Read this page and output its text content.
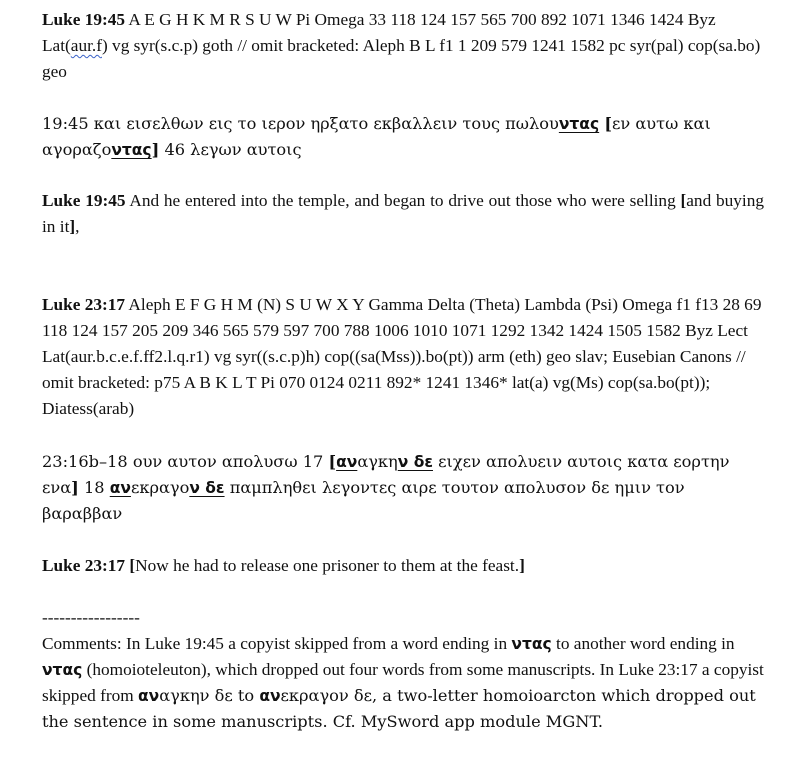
Luke 19:45 A E G H K M R S U W Pi Omega 33 118 124 157 565 700 892 1071 1346 1424 Byz Lat(aur.f) vg syr(s.c.p) goth // omit bracketed: Aleph B L f1 1 209 579 1241 1582 pc syr(pal) cop(sa.bo) geo

19:45 και εισελθων εις το ιερον ηρξατο εκβαλλειν τους πωλουντας [εν αυτω και αγοραζοντας] 46 λεγων αυτοις

Luke 19:45 And he entered into the temple, and began to drive out those who were selling [and buying in it],

Luke 23:17 Aleph E F G H M (N) S U W X Y Gamma Delta (Theta) Lambda (Psi) Omega f1 f13 28 69 118 124 157 205 209 346 565 579 597 700 788 1006 1010 1071 1292 1342 1424 1505 1582 Byz Lect Lat(aur.b.c.e.f.ff2.l.q.r1) vg syr((s.c.p)h) cop((sa(Mss)).bo(pt)) arm (eth) geo slav; Eusebian Canons // omit bracketed: p75 A B K L T Pi 070 0124 0211 892* 1241 1346* lat(a) vg(Ms) cop(sa.bo(pt)); Diatess(arab)

23:16b–18 ουν αυτον απολυσω 17 [αναγκην δε ειχεν απολυειν αυτοις κατα εορτην ενα] 18 ανεκραγον δε παμπληθει λεγοντες αιρε τουτον απολυσον δε ημιν τον βαραββαν

Luke 23:17 [Now he had to release one prisoner to them at the feast.]

-----------------

Comments: In Luke 19:45 a copyist skipped from a word ending in ντας to another word ending in ντας (homoioteleuton), which dropped out four words from some manuscripts. In Luke 23:17 a copyist skipped from αναγκην δε to ανεκραγον δε, a two-letter homoioarcton which dropped out the sentence in some manuscripts. Cf. MySword app module MGNT.
